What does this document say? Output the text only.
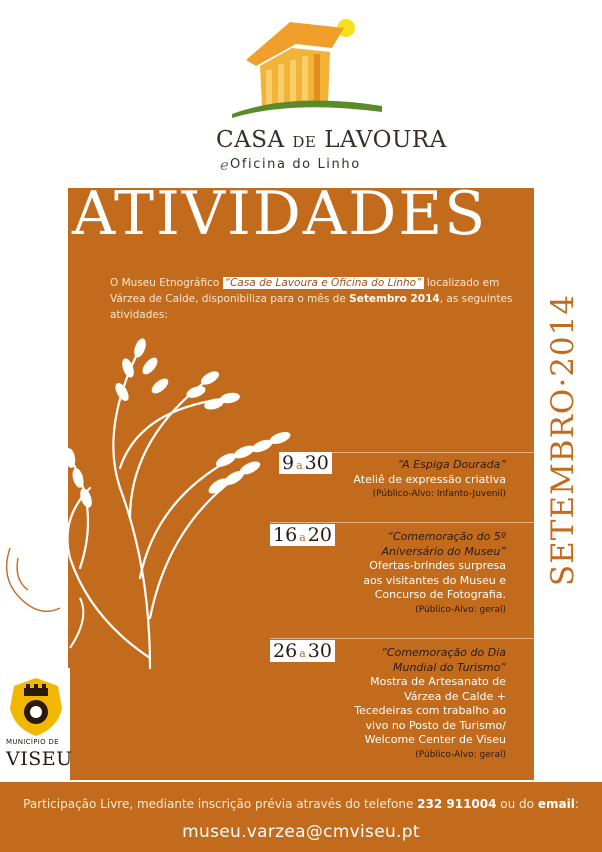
CASA DE LAVOURA
e Oficina do Linho
ATIVIDADES
SETEMBRO·2014
O Museu Etnográfico “Casa de Lavoura e Oficina do Linho” localizado em Várzea de Calde, disponibiliza para o mês de Setembro 2014, as seguintes atividades:
9 a 30	“A Espiga Dourada”
Ateliê de expressão criativa
(Público-Alvo: Infanto-Juvenil)
16 a 20	“Comemoração do 5º
Aniversário do Museu”
Ofertas-brindes surpresa
aos visitantes do Museu e
Concurso de Fotografia.
(Público-Alvo: geral)
26 a 30	“Comemoração do Dia
Mundial do Turismo”
Mostra de Artesanato de
Várzea de Calde +
Tecedeiras com trabalho ao
vivo no Posto de Turismo/
Welcome Center de Viseu
(Público-Alvo: geral)
MUNICÍPIO DE
VISEU
Participação Livre, mediante inscrição prévia através do telefone 232 911004 ou do email:
museu.varzea@cmviseu.pt
